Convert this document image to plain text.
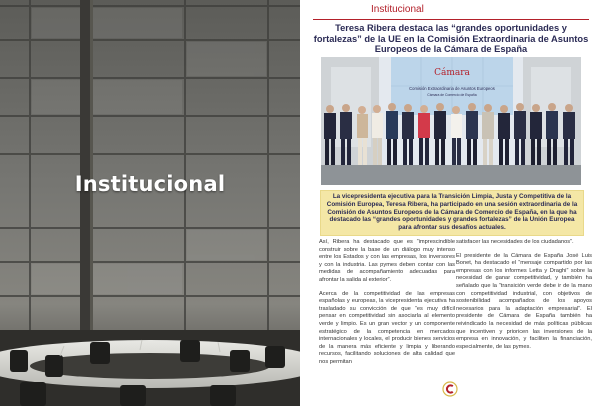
Institucional
Institucional
Teresa Ribera destaca las “grandes oportunidades y fortalezas” de la UE en la Comisión Extraordinaria de Asuntos Europeos de la Cámara de España
Cámara
Comisión Extraordinaria de Asuntos Europeos
Cámara de Comercio de España
La vicepresidenta ejecutiva para la Transición Limpia, Justa y Competitiva de la Comisión Europea, Teresa Ribera, ha participado en una sesión extraordinaria de la Comisión de Asuntos Europeos de la Cámara de Comercio de España, en la que ha destacado las “grandes oportunidades y grandes fortalezas” de la Unión Europea para afrontar sus desafíos actuales.

Así, Ribera ha destacado que es “imprescindible construir sobre la base de un diálogo muy intenso entre los Estados y con las empresas, los inversores y con la industria. Las pymes deben contar con las medidas de acompañamiento adecuadas para afrontar la salida al exterior”.

Acerca de la competitividad de las empresas españolas y europeas, la vicepresidenta ejecutiva ha trasladado su convicción de que “es muy difícil pensar en competitividad sin asociarla al elemento verde y limpio. Es un gran vector y un componente estratégico de la competencia en mercados internacionales y locales, el producir bienes servicios de la manera más eficiente y limpia y liberando recursos, facilitando soluciones de alta calidad que nos permitan

satisfacer las necesidades de los ciudadanos”.

El presidente de la Cámara de España José Luis Bonet, ha destacado el “mensaje compartido por las empresas con los informes Letta y Draghi” sobre la necesidad de ganar competitividad, y también ha señalado que la “transición verde debe ir de la mano con competitividad industrial, con objetivos de sostenibilidad acompañados de los apoyos necesarios para la adaptación empresarial”. El presidente de Cámara de España también ha reivindicado la necesidad de más políticas públicas que incentiven y prioricen las inversiones de la empresa en innovación, y faciliten la financiación, especialmente, de las pymes.
